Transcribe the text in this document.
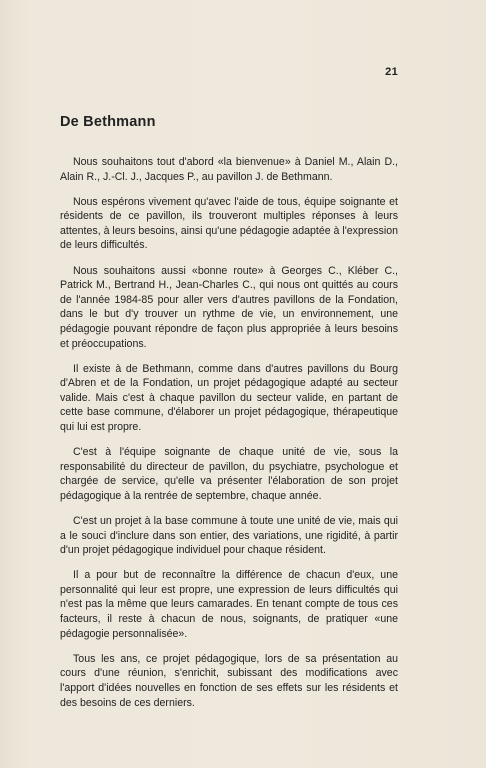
21
De Bethmann

Nous souhaitons tout d'abord «la bienvenue» à Daniel M., Alain D., Alain R., J.-Cl. J., Jacques P., au pavillon J. de Bethmann.

Nous espérons vivement qu'avec l'aide de tous, équipe soignante et résidents de ce pavillon, ils trouveront multiples réponses à leurs attentes, à leurs besoins, ainsi qu'une pédagogie adaptée à l'expression de leurs difficultés.

Nous souhaitons aussi «bonne route» à Georges C., Kléber C., Patrick M., Bertrand H., Jean-Charles C., qui nous ont quittés au cours de l'année 1984-85 pour aller vers d'autres pavillons de la Fondation, dans le but d'y trouver un rythme de vie, un environnement, une pédagogie pouvant répondre de façon plus appropriée à leurs besoins et préoccupations.

Il existe à de Bethmann, comme dans d'autres pavillons du Bourg d'Abren et de la Fondation, un projet pédagogique adapté au secteur valide. Mais c'est à chaque pavillon du secteur valide, en partant de cette base commune, d'élaborer un projet pédagogique, thérapeutique qui lui est propre.

C'est à l'équipe soignante de chaque unité de vie, sous la responsabilité du directeur de pavillon, du psychiatre, psychologue et chargée de service, qu'elle va présenter l'élaboration de son projet pédagogique à la rentrée de septembre, chaque année.

C'est un projet à la base commune à toute une unité de vie, mais qui a le souci d'inclure dans son entier, des variations, une rigidité, à partir d'un projet pédagogique individuel pour chaque résident.

Il a pour but de reconnaître la différence de chacun d'eux, une personnalité qui leur est propre, une expression de leurs difficultés qui n'est pas la même que leurs camarades. En tenant compte de tous ces facteurs, il reste à chacun de nous, soignants, de pratiquer «une pédagogie personnalisée».

Tous les ans, ce projet pédagogique, lors de sa présentation au cours d'une réunion, s'enrichit, subissant des modifications avec l'apport d'idées nouvelles en fonction de ses effets sur les résidents et des besoins de ces derniers.
